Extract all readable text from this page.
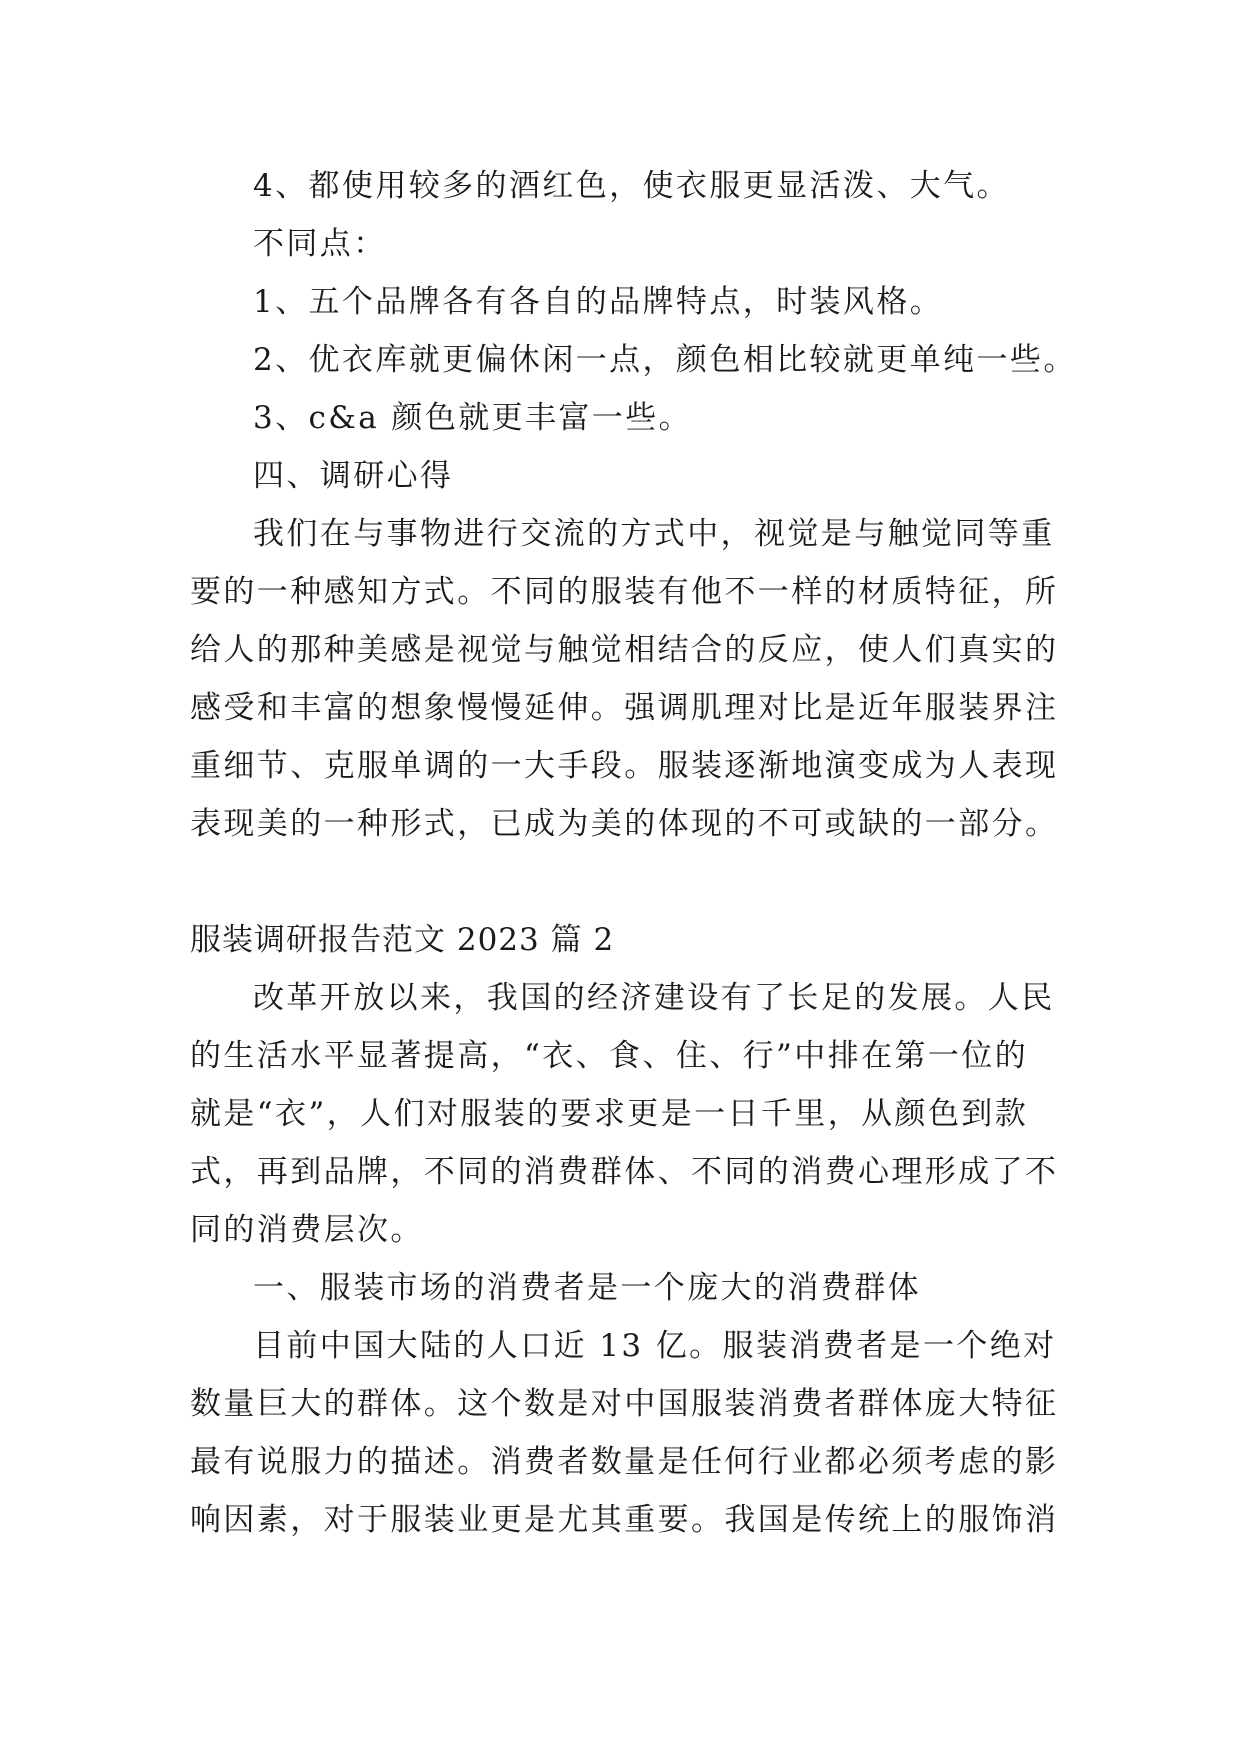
4、都使用较多的酒红色，使衣服更显活泼、大气。
不同点：
1、五个品牌各有各自的品牌特点，时装风格。
2、优衣库就更偏休闲一点，颜色相比较就更单纯一些。
3、c&a 颜色就更丰富一些。
四、调研心得
我们在与事物进行交流的方式中，视觉是与触觉同等重
要的一种感知方式。不同的服装有他不一样的材质特征，所
给人的那种美感是视觉与触觉相结合的反应，使人们真实的
感受和丰富的想象慢慢延伸。强调肌理对比是近年服装界注
重细节、克服单调的一大手段。服装逐渐地演变成为人表现
表现美的一种形式，已成为美的体现的不可或缺的一部分。
服装调研报告范文 2023 篇 2
改革开放以来，我国的经济建设有了长足的发展。人民
的生活水平显著提高，“衣、食、住、行”中排在第一位的
就是“衣”，人们对服装的要求更是一日千里，从颜色到款
式，再到品牌，不同的消费群体、不同的消费心理形成了不
同的消费层次。
一、服装市场的消费者是一个庞大的消费群体
目前中国大陆的人口近 13 亿。服装消费者是一个绝对
数量巨大的群体。这个数是对中国服装消费者群体庞大特征
最有说服力的描述。消费者数量是任何行业都必须考虑的影
响因素，对于服装业更是尤其重要。我国是传统上的服饰消
